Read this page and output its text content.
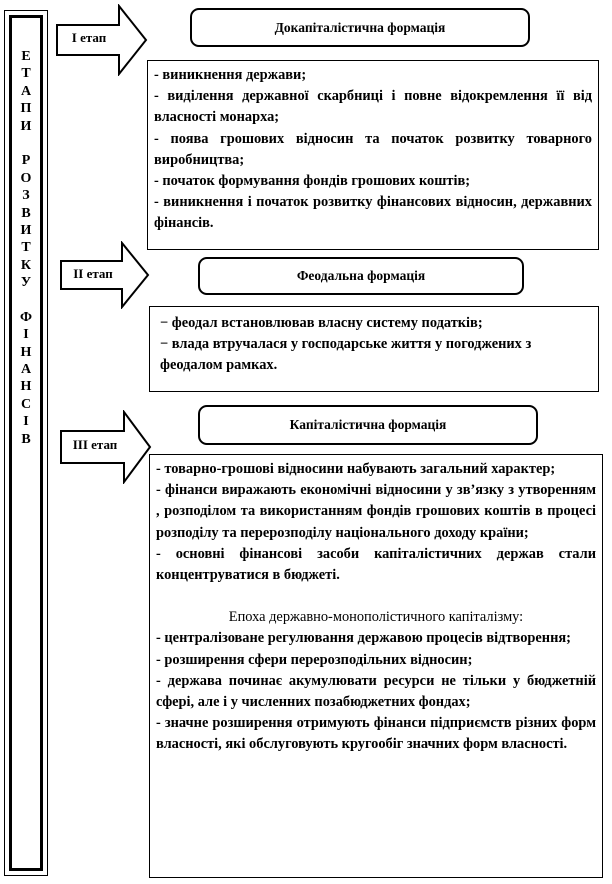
Е
Т
А
П
И
Р
О
З
В
И
Т
К
У
Ф
І
Н
А
Н
С
І
В
І етап
Докапіталістична формація

- виникнення держави;

- виділення державної скарбниці і повне відокремлення її від власності монарха;

- поява грошових відносин та початок розвитку товарного виробництва;

- початок формування фондів грошових коштів;

- виникнення і початок розвитку фінансових відносин, державних фінансів.

ІІ етап	Феодальна формація

− феодал встановлював власну систему податків;

− влада втручалася у господарське життя у погоджених з феодалом рамках.

ІІІ етап
Капіталістична формація

- товарно-грошові відносини набувають загальний характер;

- фінанси виражають економічні відносини у зв’язку з утворенням , розподілом та використанням фондів грошових коштів в процесі розподілу та перерозподілу національного доходу країни;

- основні фінансові засоби капіталістичних держав стали концентруватися в бюджеті.

Епоха державно-монополістичного капіталізму:

- централізоване регулювання державою процесів відтворення;

- розширення сфери перерозподільних відносин;

- держава починає акумулювати ресурси не тільки у бюджетній сфері, але і у численних позабюджетних фондах;

- значне розширення отримують фінанси підприємств різних форм власності, які обслуговують кругообіг значних форм власності.
